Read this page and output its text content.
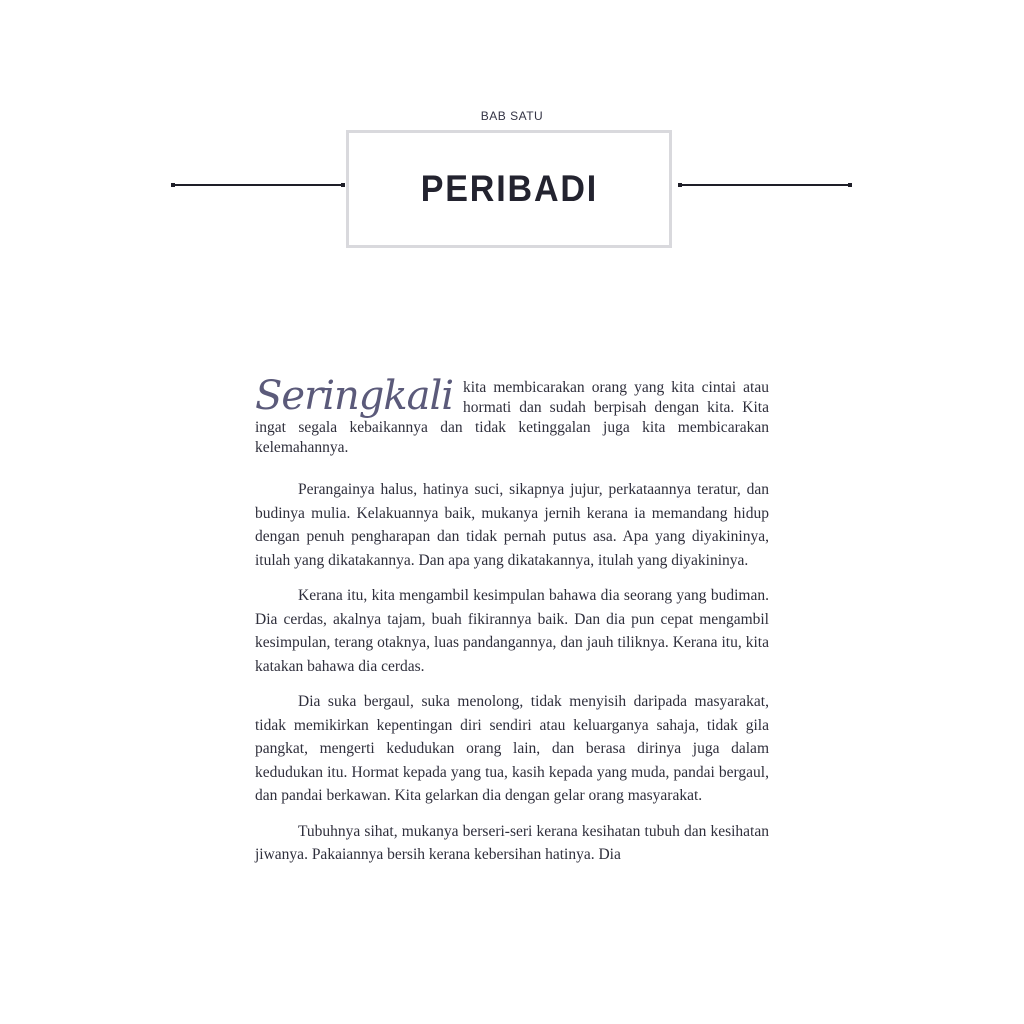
BAB SATU
PERIBADI

Seringkali kita membicarakan orang yang kita cintai atau hormati dan sudah berpisah dengan kita. Kita ingat segala kebaikannya dan tidak ketinggalan juga kita membicarakan kelemahannya.

Perangainya halus, hatinya suci, sikapnya jujur, perkataannya teratur, dan budinya mulia. Kelakuannya baik, mukanya jernih kerana ia memandang hidup dengan penuh pengharapan dan tidak pernah putus asa. Apa yang diyakininya, itulah yang dikatakannya. Dan apa yang dikatakannya, itulah yang diyakininya.

Kerana itu, kita mengambil kesimpulan bahawa dia seorang yang budiman. Dia cerdas, akalnya tajam, buah fikirannya baik. Dan dia pun cepat mengambil kesimpulan, terang otaknya, luas pandangannya, dan jauh tiliknya. Kerana itu, kita katakan bahawa dia cerdas.

Dia suka bergaul, suka menolong, tidak menyisih daripada masyarakat, tidak memikirkan kepentingan diri sendiri atau keluarganya sahaja, tidak gila pangkat, mengerti kedudukan orang lain, dan berasa dirinya juga dalam kedudukan itu. Hormat kepada yang tua, kasih kepada yang muda, pandai bergaul, dan pandai berkawan. Kita gelarkan dia dengan gelar orang masyarakat.

Tubuhnya sihat, mukanya berseri-seri kerana kesihatan tubuh dan kesihatan jiwanya. Pakaiannya bersih kerana kebersihan hatinya. Dia
